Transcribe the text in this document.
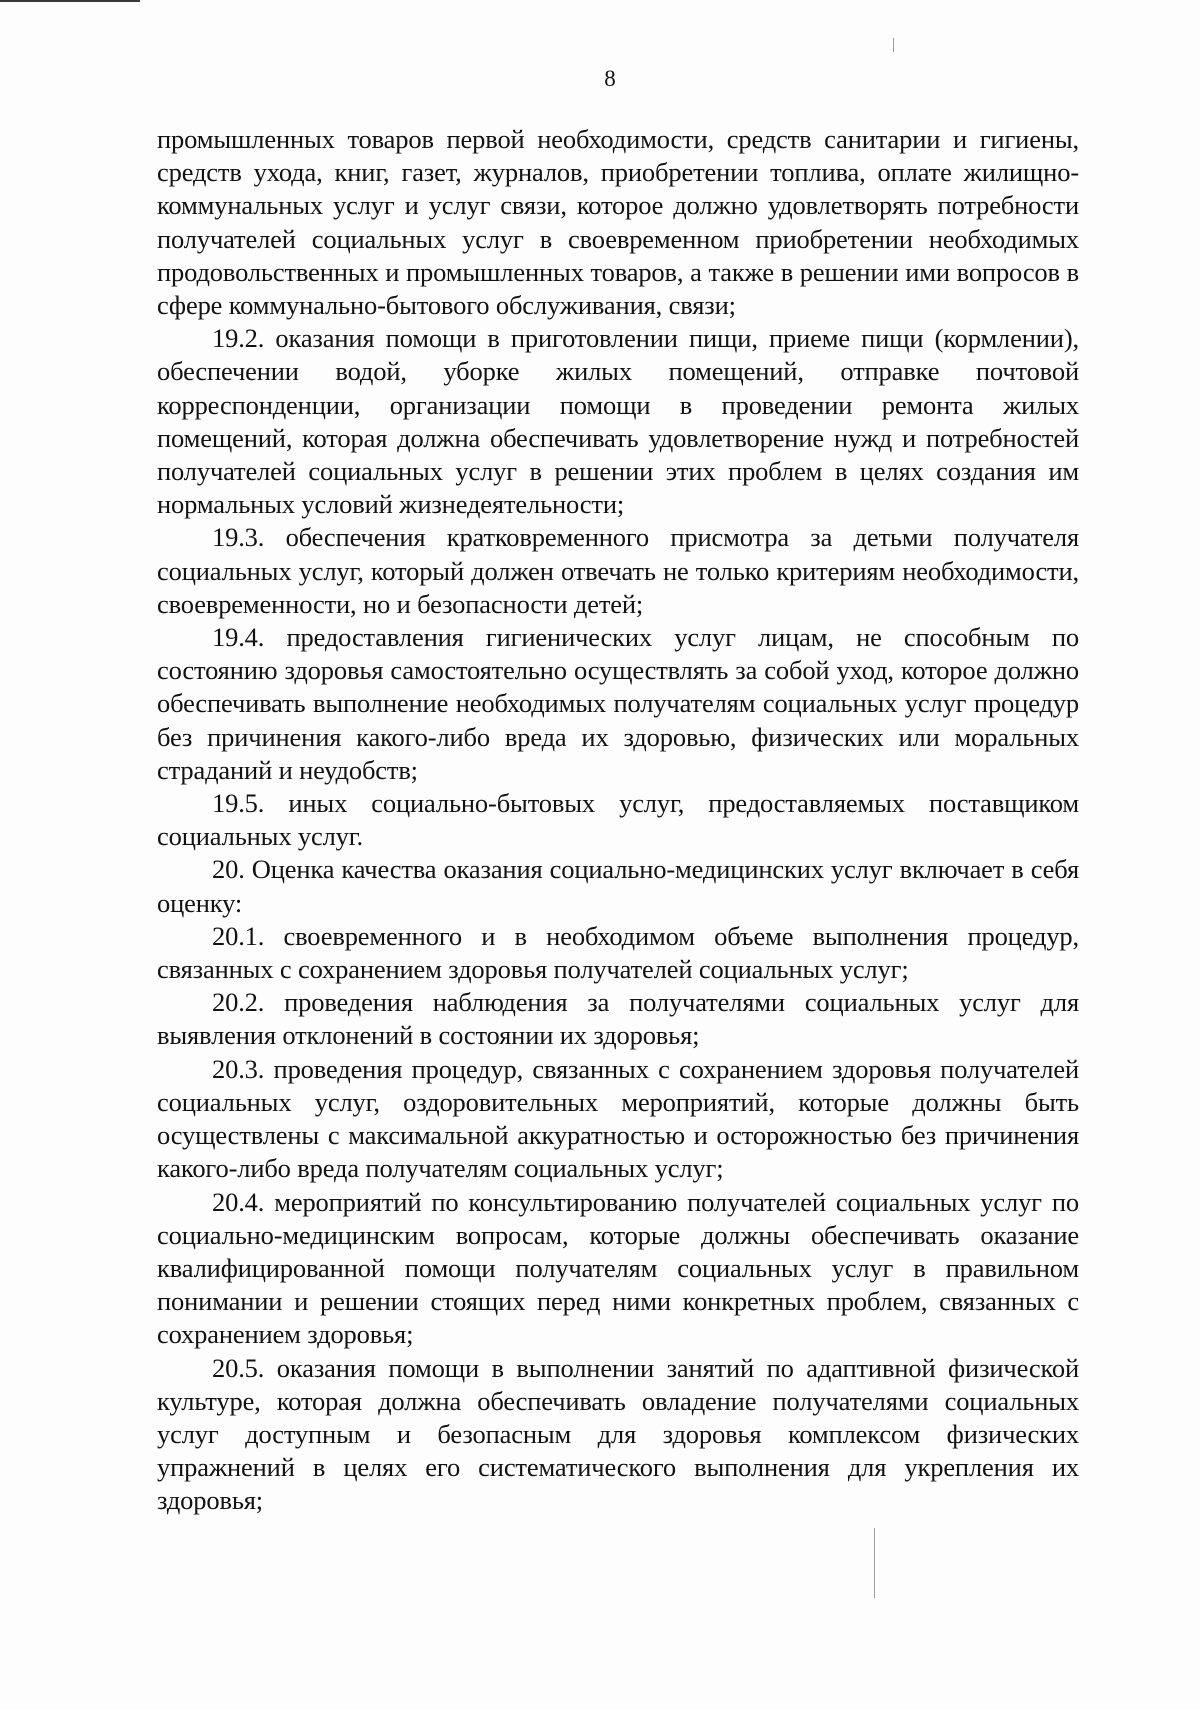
8

промышленных товаров первой необходимости, средств санитарии и гигиены, средств ухода, книг, газет, журналов, приобретении топлива, оплате жилищно-коммунальных услуг и услуг связи, которое должно удовлетворять потребности получателей социальных услуг в своевременном приобретении необходимых продовольственных и промышленных товаров, а также в решении ими вопросов в сфере коммунально-бытового обслуживания, связи;

19.2. оказания помощи в приготовлении пищи, приеме пищи (кормлении), обеспечении водой, уборке жилых помещений, отправке почтовой корреспонденции, организации помощи в проведении ремонта жилых помещений, которая должна обеспечивать удовлетворение нужд и потребностей получателей социальных услуг в решении этих проблем в целях создания им нормальных условий жизнедеятельности;

19.3. обеспечения кратковременного присмотра за детьми получателя социальных услуг, который должен отвечать не только критериям необходимости, своевременности, но и безопасности детей;

19.4. предоставления гигиенических услуг лицам, не способным по состоянию здоровья самостоятельно осуществлять за собой уход, которое должно обеспечивать выполнение необходимых получателям социальных услуг процедур без причинения какого-либо вреда их здоровью, физических или моральных страданий и неудобств;

19.5. иных социально-бытовых услуг, предоставляемых поставщиком социальных услуг.

20. Оценка качества оказания социально-медицинских услуг включает в себя оценку:

20.1. своевременного и в необходимом объеме выполнения процедур, связанных с сохранением здоровья получателей социальных услуг;

20.2. проведения наблюдения за получателями социальных услуг для выявления отклонений в состоянии их здоровья;

20.3. проведения процедур, связанных с сохранением здоровья получателей социальных услуг, оздоровительных мероприятий, которые должны быть осуществлены с максимальной аккуратностью и осторожностью без причинения какого-либо вреда получателям социальных услуг;

20.4. мероприятий по консультированию получателей социальных услуг по социально-медицинским вопросам, которые должны обеспечивать оказание квалифицированной помощи получателям социальных услуг в правильном понимании и решении стоящих перед ними конкретных проблем, связанных с сохранением здоровья;

20.5. оказания помощи в выполнении занятий по адаптивной физической культуре, которая должна обеспечивать овладение получателями социальных услуг доступным и безопасным для здоровья комплексом физических упражнений в целях его систематического выполнения для укрепления их здоровья;
